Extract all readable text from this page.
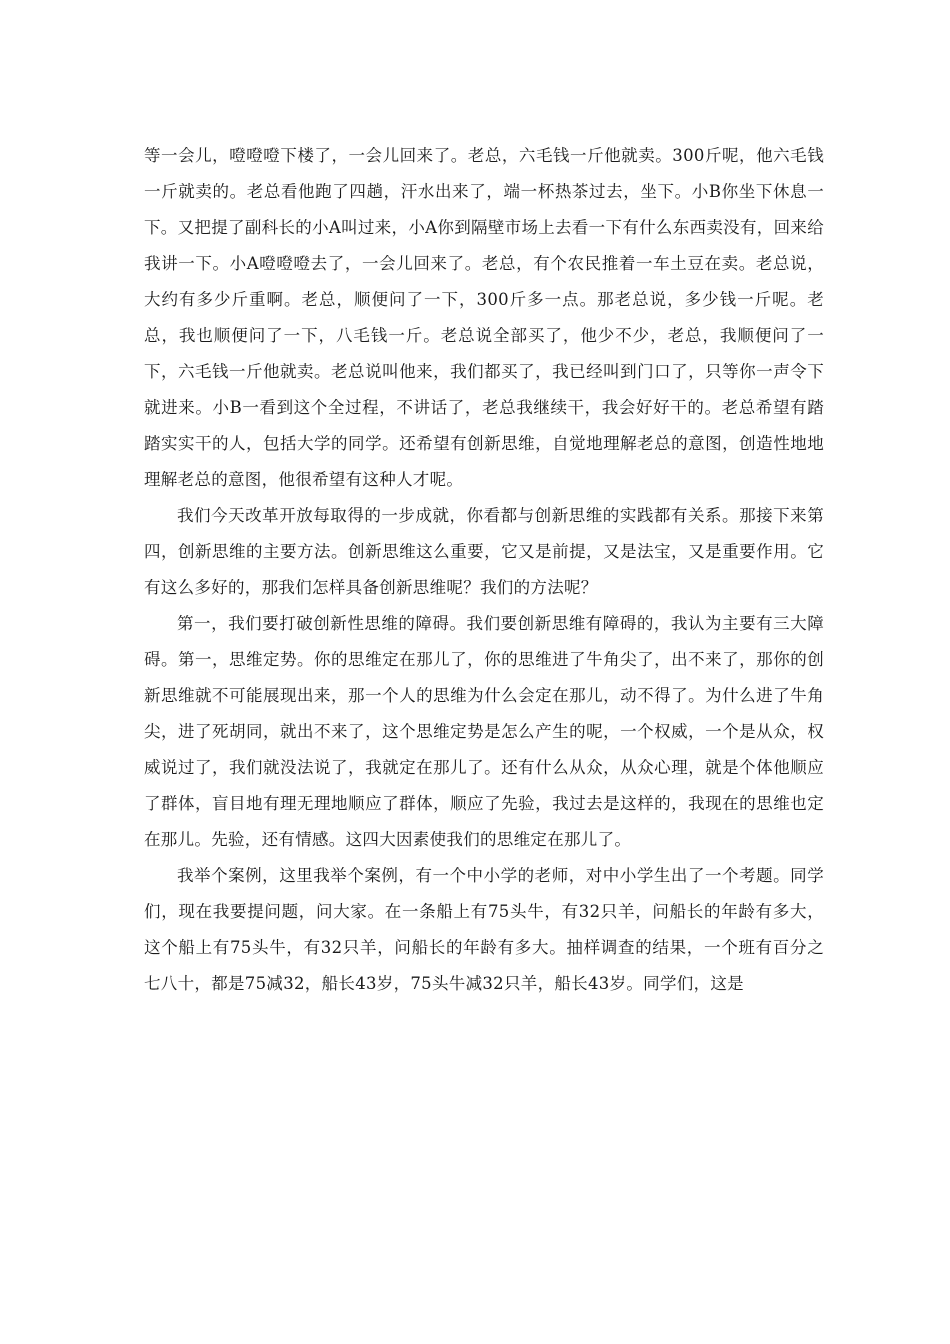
等一会儿，噔噔噔下楼了，一会儿回来了。老总，六毛钱一斤他就卖。300斤呢，他六毛钱一斤就卖的。老总看他跑了四趟，汗水出来了，端一杯热茶过去，坐下。小B你坐下休息一下。又把提了副科长的小A叫过来，小A你到隔壁市场上去看一下有什么东西卖没有，回来给我讲一下。小A噔噔噔去了，一会儿回来了。老总，有个农民推着一车土豆在卖。老总说，大约有多少斤重啊。老总，顺便问了一下，300斤多一点。那老总说，多少钱一斤呢。老总，我也顺便问了一下，八毛钱一斤。老总说全部买了，他少不少，老总，我顺便问了一下，六毛钱一斤他就卖。老总说叫他来，我们都买了，我已经叫到门口了，只等你一声令下就进来。小B一看到这个全过程，不讲话了，老总我继续干，我会好好干的。老总希望有踏踏实实干的人，包括大学的同学。还希望有创新思维，自觉地理解老总的意图，创造性地地理解老总的意图，他很希望有这种人才呢。

我们今天改革开放每取得的一步成就，你看都与创新思维的实践都有关系。那接下来第四，创新思维的主要方法。创新思维这么重要，它又是前提，又是法宝，又是重要作用。它有这么多好的，那我们怎样具备创新思维呢？我们的方法呢？

第一，我们要打破创新性思维的障碍。我们要创新思维有障碍的，我认为主要有三大障碍。第一，思维定势。你的思维定在那儿了，你的思维进了牛角尖了，出不来了，那你的创新思维就不可能展现出来，那一个人的思维为什么会定在那儿，动不得了。为什么进了牛角尖，进了死胡同，就出不来了，这个思维定势是怎么产生的呢，一个权威，一个是从众，权威说过了，我们就没法说了，我就定在那儿了。还有什么从众，从众心理，就是个体他顺应了群体，盲目地有理无理地顺应了群体，顺应了先验，我过去是这样的，我现在的思维也定在那儿。先验，还有情感。这四大因素使我们的思维定在那儿了。

我举个案例，这里我举个案例，有一个中小学的老师，对中小学生出了一个考题。同学们，现在我要提问题，问大家。在一条船上有75头牛，有32只羊，问船长的年龄有多大，这个船上有75头牛，有32只羊，问船长的年龄有多大。抽样调查的结果，一个班有百分之七八十，都是75减32，船长43岁，75头牛减32只羊，船长43岁。同学们，这是
